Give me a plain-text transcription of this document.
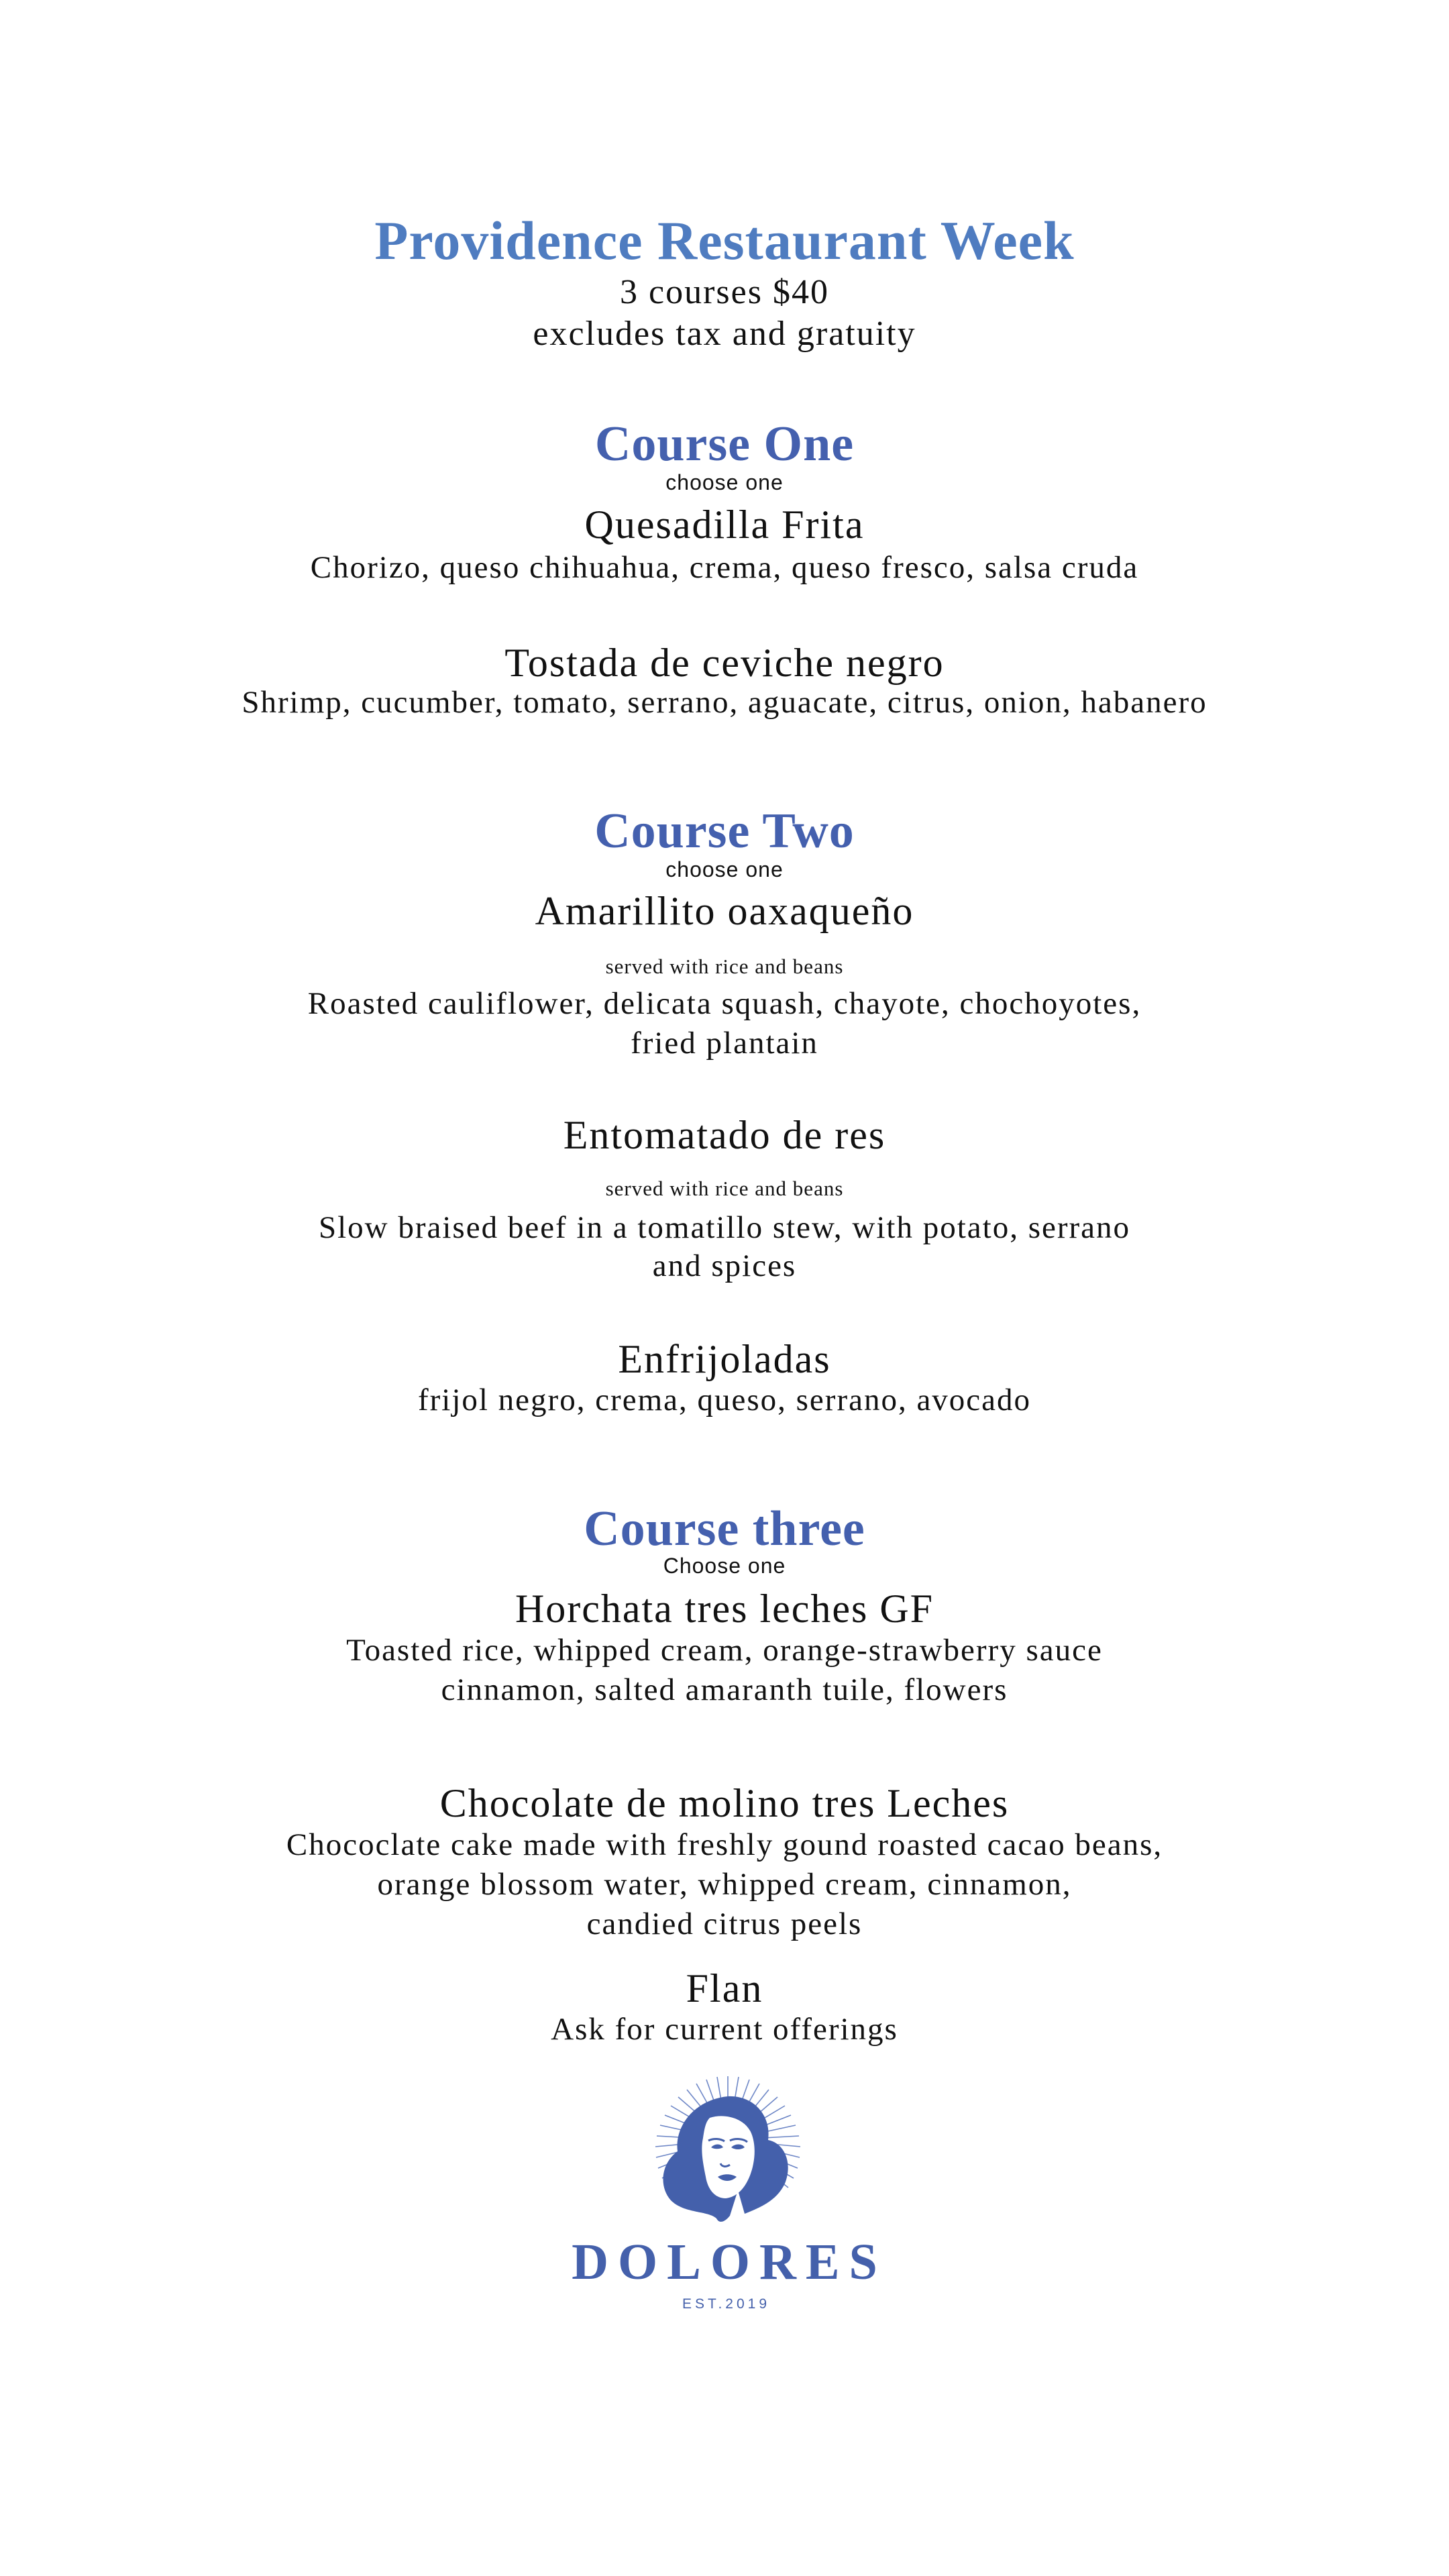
Providence Restaurant Week
3 courses $40
excludes tax and gratuity
Course One
choose one
Quesadilla Frita
Chorizo, queso chihuahua, crema, queso fresco, salsa cruda
Tostada de ceviche negro
Shrimp, cucumber, tomato, serrano, aguacate, citrus, onion, habanero
Course Two
choose one
Amarillito oaxaqueño
served with rice and beans
Roasted cauliflower, delicata squash, chayote, chochoyotes,
fried plantain
Entomatado de res
served with rice and beans
Slow braised beef in a tomatillo stew, with potato, serrano
and spices
Enfrijoladas
frijol negro, crema, queso, serrano, avocado
Course three
Choose one
Horchata tres leches GF
Toasted rice, whipped cream, orange-strawberry sauce
cinnamon, salted amaranth tuile, flowers
Chocolate de molino tres Leches
Chococlate cake made with freshly gound roasted cacao beans,
orange blossom water, whipped cream, cinnamon,
candied citrus peels
Flan
Ask for current offerings
DOLORES
EST.2019
